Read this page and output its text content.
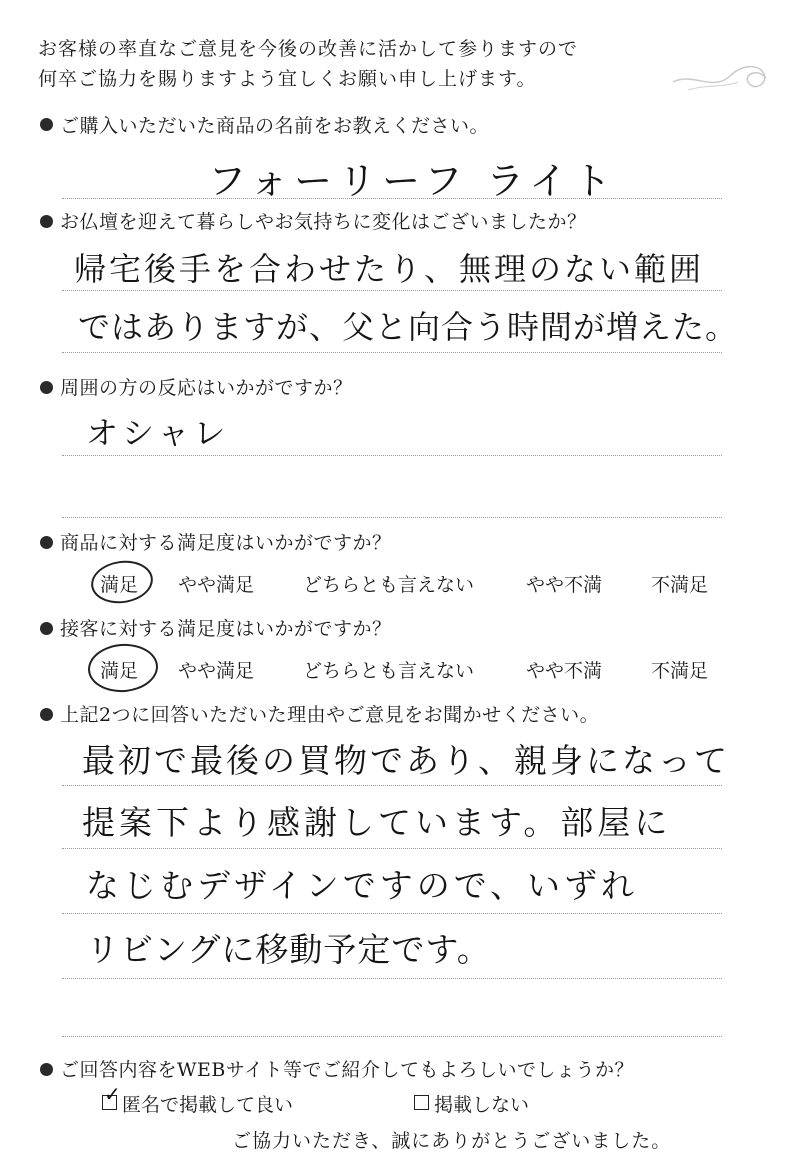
お客様の率直なご意見を今後の改善に活かして参りますので
何卒ご協力を賜りますよう宜しくお願い申し上げます。
ご購入いただいた商品の名前をお教えください。
フォーリーフ ライト
お仏壇を迎えて暮らしやお気持ちに変化はございましたか？
帰宅後手を合わせたり、無理のない範囲
ではありますが、父と向合う時間が増えた。
周囲の方の反応はいかがですか？
オシャレ
商品に対する満足度はいかがですか？
満足 やや満足	どちらとも言えない	やや不満	不満足
接客に対する満足度はいかがですか？
満足 やや満足	どちらとも言えない	やや不満	不満足
上記2つに回答いただいた理由やご意見をお聞かせください。
最初で最後の買物であり、親身になって
提案下より感謝しています。部屋に
なじむデザインですので、いずれ
リビングに移動予定です。
ご回答内容をWEBサイト等でご紹介してもよろしいでしょうか？
✓ 匿名で掲載して良い	掲載しない
ご協力いただき、誠にありがとうございました。
